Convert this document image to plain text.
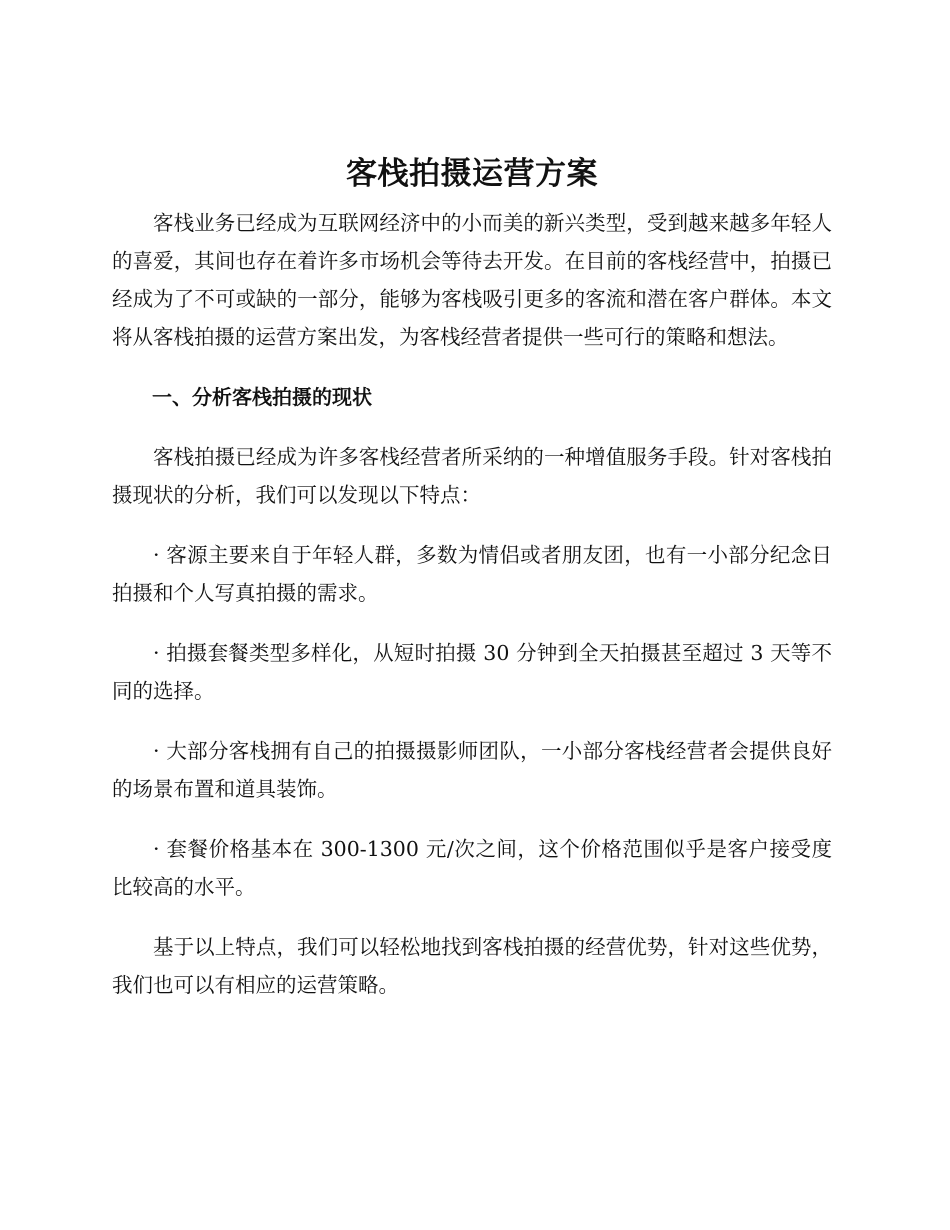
客栈拍摄运营方案

客栈业务已经成为互联网经济中的小而美的新兴类型，受到越来越多年轻人的喜爱，其间也存在着许多市场机会等待去开发。在目前的客栈经营中，拍摄已经成为了不可或缺的一部分，能够为客栈吸引更多的客流和潜在客户群体。本文将从客栈拍摄的运营方案出发，为客栈经营者提供一些可行的策略和想法。

一、分析客栈拍摄的现状

客栈拍摄已经成为许多客栈经营者所采纳的一种增值服务手段。针对客栈拍摄现状的分析，我们可以发现以下特点：

· 客源主要来自于年轻人群，多数为情侣或者朋友团，也有一小部分纪念日拍摄和个人写真拍摄的需求。

· 拍摄套餐类型多样化，从短时拍摄 30 分钟到全天拍摄甚至超过 3 天等不同的选择。

· 大部分客栈拥有自己的拍摄摄影师团队，一小部分客栈经营者会提供良好的场景布置和道具装饰。

· 套餐价格基本在 300-1300 元/次之间，这个价格范围似乎是客户接受度比较高的水平。

基于以上特点，我们可以轻松地找到客栈拍摄的经营优势，针对这些优势，我们也可以有相应的运营策略。
